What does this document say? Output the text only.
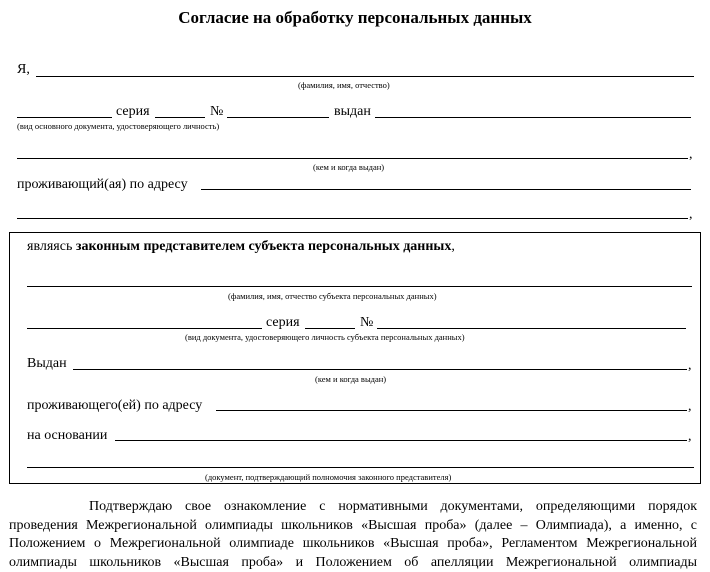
Согласие на обработку персональных данных
Я,
(фамилия, имя, отчество)
серия	№	выдан
(вид основного документа, удостоверяющего личность)
,
(кем и когда выдан)
проживающий(ая) по адресу
,
являясь законным представителем субъекта персональных данных,
(фамилия, имя, отчество субъекта персональных данных)
серия	№
(вид документа, удостоверяющего личность субъекта персональных данных)
Выдан	,
(кем и когда выдан)
проживающего(ей) по адресу	,
на основании	,
(документ, подтверждающий полномочия законного представителя)
Подтверждаю свое ознакомление с нормативными документами, определяющими порядок
проведения Межрегиональной олимпиады школьников «Высшая проба» (далее – Олимпиада), а именно, с
Положением о Межрегиональной олимпиаде школьников «Высшая проба», Регламентом Межрегиональной
олимпиады школьников «Высшая проба» и Положением об апелляции Межрегиональной олимпиады
